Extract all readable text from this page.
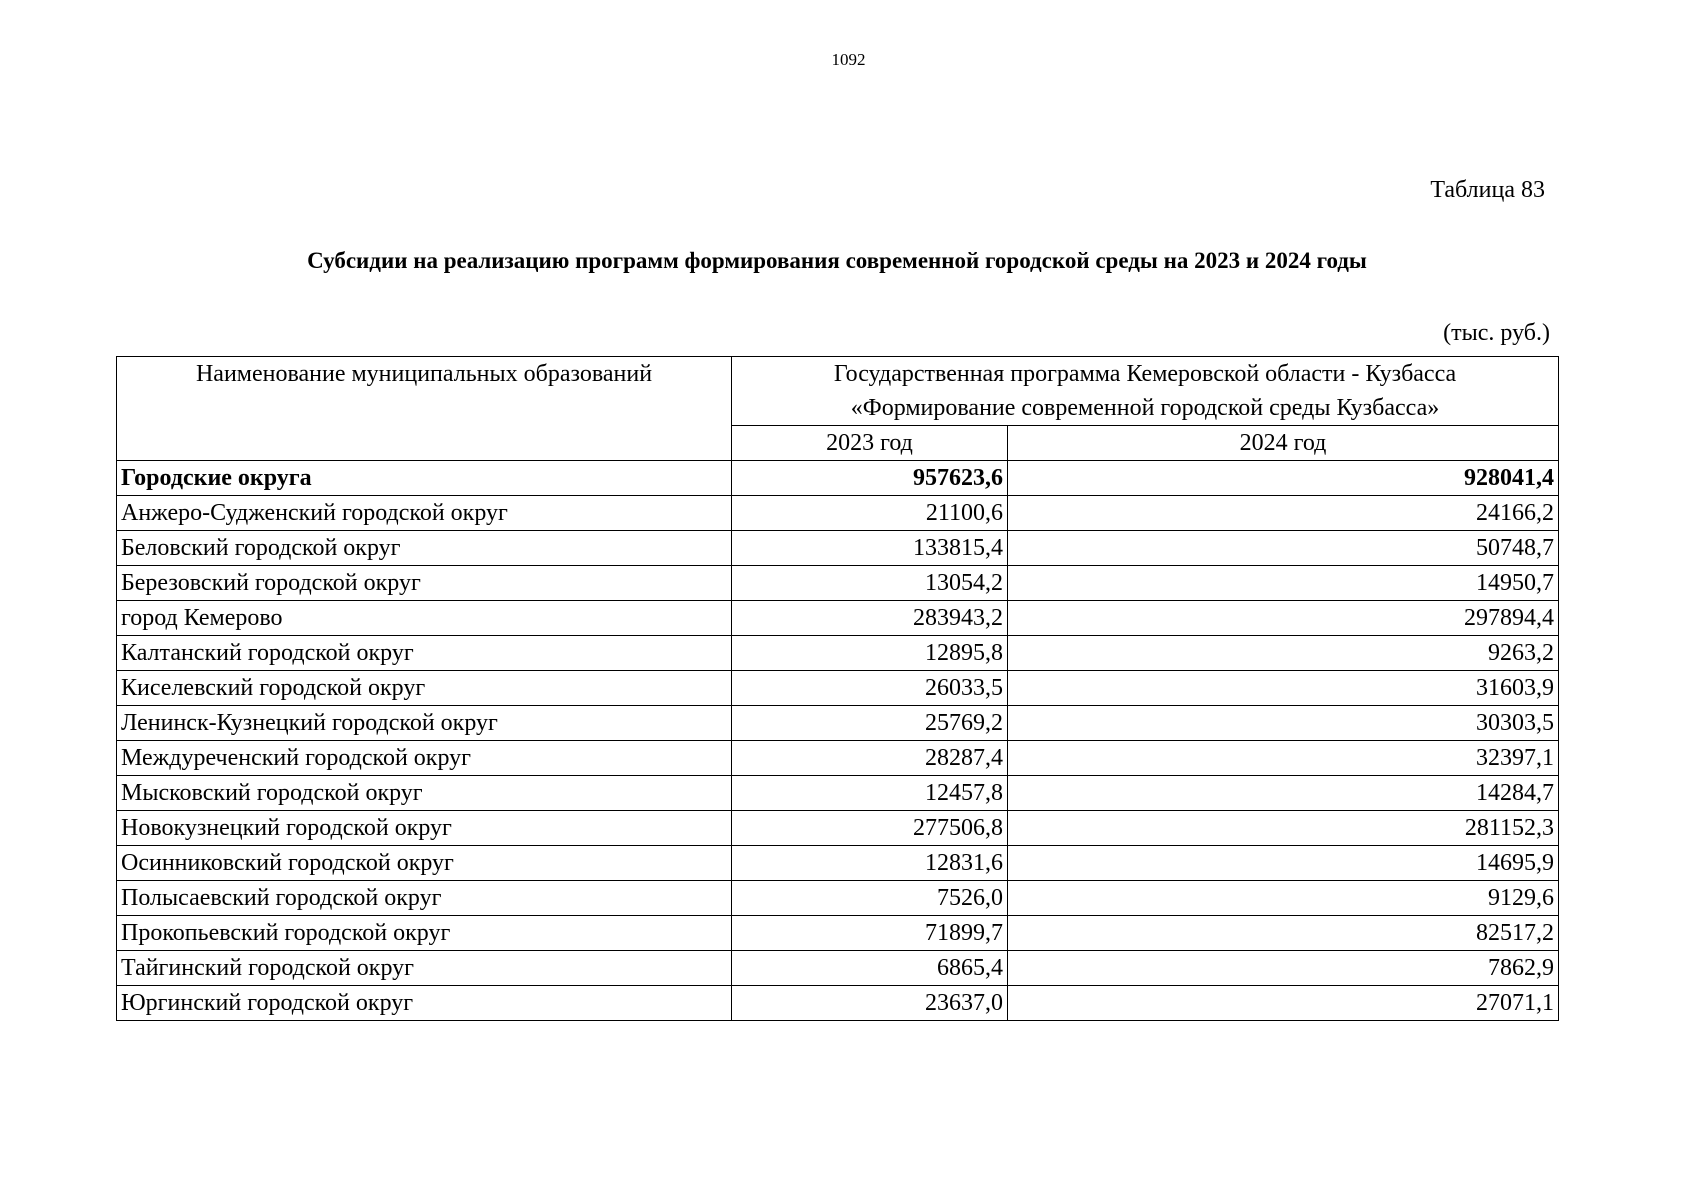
1092
Таблица 83
Субсидии на реализацию программ формирования современной городской среды на 2023 и 2024 годы
(тыс. руб.)
Наименование муниципальных образований	Государственная программа Кемеровской области - Кузбасса
«Формирование современной городской среды Кузбасса»	
	2023 год	2024 год
Городские округа	957623,6	928041,4
Анжеро-Судженский городской округ	21100,6	24166,2
Беловский городской округ	133815,4	50748,7
Березовский городской округ	13054,2	14950,7
город Кемерово	283943,2	297894,4
Калтанский городской округ	12895,8	9263,2
Киселевский городской округ	26033,5	31603,9
Ленинск-Кузнецкий городской округ	25769,2	30303,5
Междуреченский городской округ	28287,4	32397,1
Мысковский городской округ	12457,8	14284,7
Новокузнецкий городской округ	277506,8	281152,3
Осинниковский городской округ	12831,6	14695,9
Полысаевский городской округ	7526,0	9129,6
Прокопьевский городской округ	71899,7	82517,2
Тайгинский городской округ	6865,4	7862,9
Юргинский городской округ	23637,0	27071,1
